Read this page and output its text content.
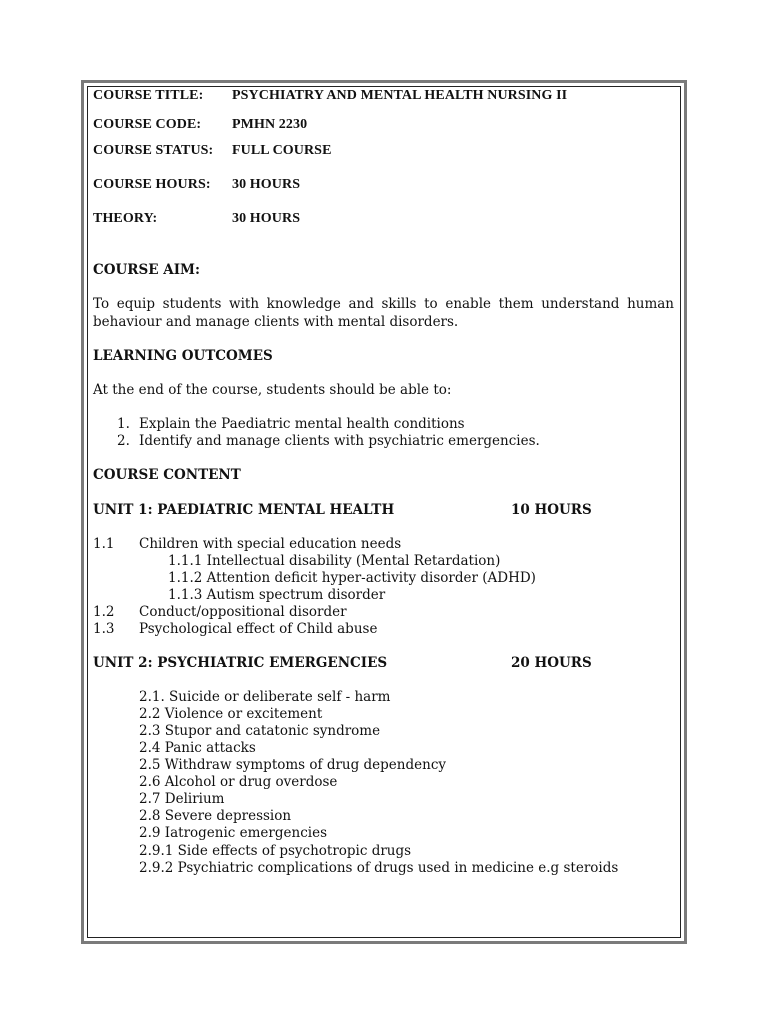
COURSE TITLE: PSYCHIATRY AND MENTAL HEALTH NURSING II
COURSE CODE: PMHN 2230
COURSE STATUS: FULL COURSE
COURSE HOURS: 30 HOURS
THEORY:	30 HOURS
COURSE AIM:
To equip students with knowledge and skills to enable them understand human
behaviour and manage clients with mental disorders.
LEARNING OUTCOMES
At the end of the course, students should be able to:
1. Explain the Paediatric mental health conditions
2. Identify and manage clients with psychiatric emergencies.
COURSE CONTENT
UNIT 1: PAEDIATRIC MENTAL HEALTH	10 HOURS
1.1 Children with special education needs
1.1.1 Intellectual disability (Mental Retardation)
1.1.2 Attention deficit hyper-activity disorder (ADHD)
1.1.3 Autism spectrum disorder
1.2 Conduct/oppositional disorder
1.3 Psychological effect of Child abuse
UNIT 2: PSYCHIATRIC EMERGENCIES	20 HOURS
2.1. Suicide or deliberate self - harm
2.2 Violence or excitement
2.3 Stupor and catatonic syndrome
2.4 Panic attacks
2.5 Withdraw symptoms of drug dependency
2.6 Alcohol or drug overdose
2.7 Delirium
2.8 Severe depression
2.9 Iatrogenic emergencies
2.9.1 Side effects of psychotropic drugs
2.9.2 Psychiatric complications of drugs used in medicine e.g steroids
